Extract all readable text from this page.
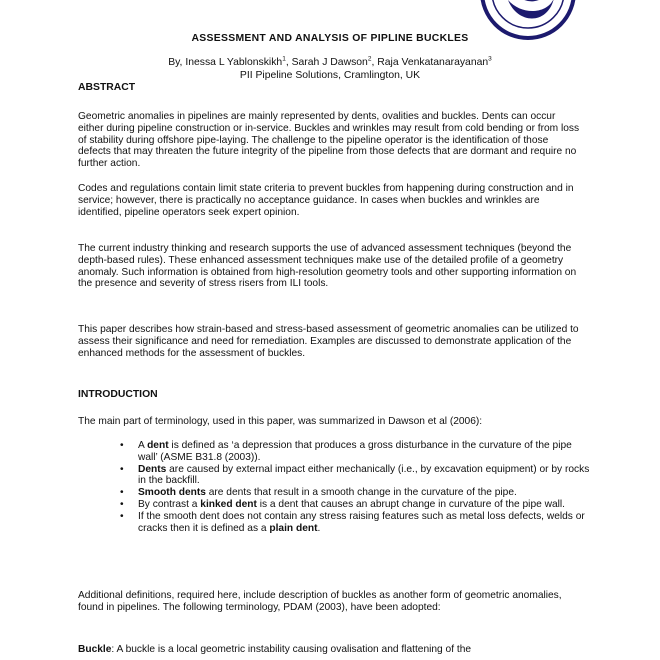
ASSESSMENT AND ANALYSIS OF PIPLINE BUCKLES
By, Inessa L Yablonskikh$^1$, Sarah J Dawson$^2$, Raja Venkatanarayanan$^3$
PII Pipeline Solutions, Cramlington, UK
ABSTRACT

Geometric anomalies in pipelines are mainly represented by dents, ovalities and buckles. Dents can occur either during pipeline construction or in-service. Buckles and wrinkles may result from cold bending or from loss of stability during offshore pipe-laying. The challenge to the pipeline operator is the identification of those defects that may threaten the future integrity of the pipeline from those defects that are dormant and require no further action.

Codes and regulations contain limit state criteria to prevent buckles from happening during construction and in service; however, there is practically no acceptance guidance. In cases when buckles and wrinkles are identified, pipeline operators seek expert opinion.

The current industry thinking and research supports the use of advanced assessment techniques (beyond the depth-based rules). These enhanced assessment techniques make use of the detailed profile of a geometry anomaly. Such information is obtained from high-resolution geometry tools and other supporting information on the presence and severity of stress risers from ILI tools.

This paper describes how strain-based and stress-based assessment of geometric anomalies can be utilized to assess their significance and need for remediation. Examples are discussed to demonstrate application of the enhanced methods for the assessment of buckles.

INTRODUCTION

The main part of terminology, used in this paper, was summarized in Dawson et al (2006):

• A dent is defined as ‘a depression that produces a gross disturbance in the curvature of the pipe wall’ (ASME B31.8 (2003)).
• Dents are caused by external impact either mechanically (i.e., by excavation equipment) or by rocks in the backfill.
• Smooth dents are dents that result in a smooth change in the curvature of the pipe.
• By contrast a kinked dent is a dent that causes an abrupt change in curvature of the pipe wall.
• If the smooth dent does not contain any stress raising features such as metal loss defects, welds or cracks then it is defined as a plain dent.

Additional definitions, required here, include description of buckles as another form of geometric anomalies, found in pipelines. The following terminology, PDAM (2003), have been adopted:

Buckle: A buckle is a local geometric instability causing ovalisation and flattening of the
